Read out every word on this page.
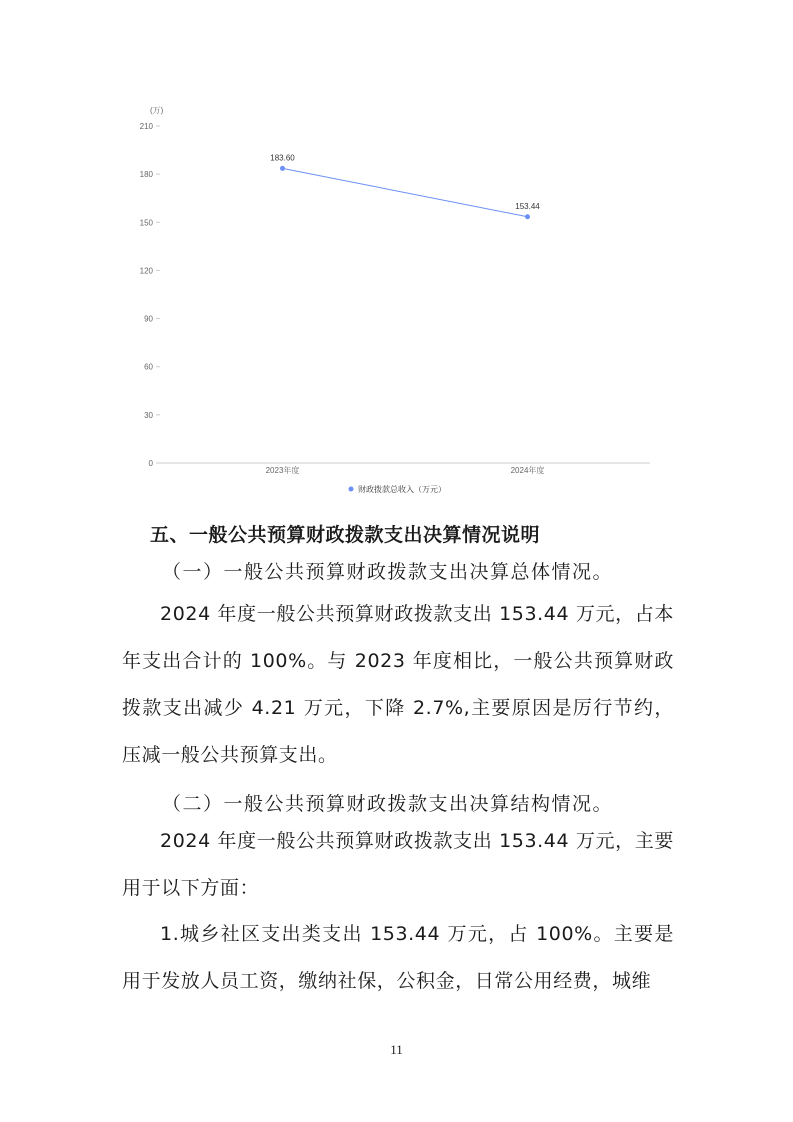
(万)
0
30
60
90
120
150
180
210
2023年度	2024年度
183.60
153.44
财政拨款总收入（万元）

五、一般公共预算财政拨款支出决算情况说明

（一）一般公共预算财政拨款支出决算总体情况。

2024 年度一般公共预算财政拨款支出 153.44 万元，占本年支出合计的 100%。与 2023 年度相比，一般公共预算财政拨款支出减少 4.21 万元，下降 2.7%,主要原因是厉行节约，压减一般公共预算支出。

（二）一般公共预算财政拨款支出决算结构情况。

2024 年度一般公共预算财政拨款支出 153.44 万元，主要用于以下方面：

1.城乡社区支出类支出 153.44 万元，占 100%。主要是用于发放人员工资，缴纳社保，公积金，日常公用经费，城维

11
